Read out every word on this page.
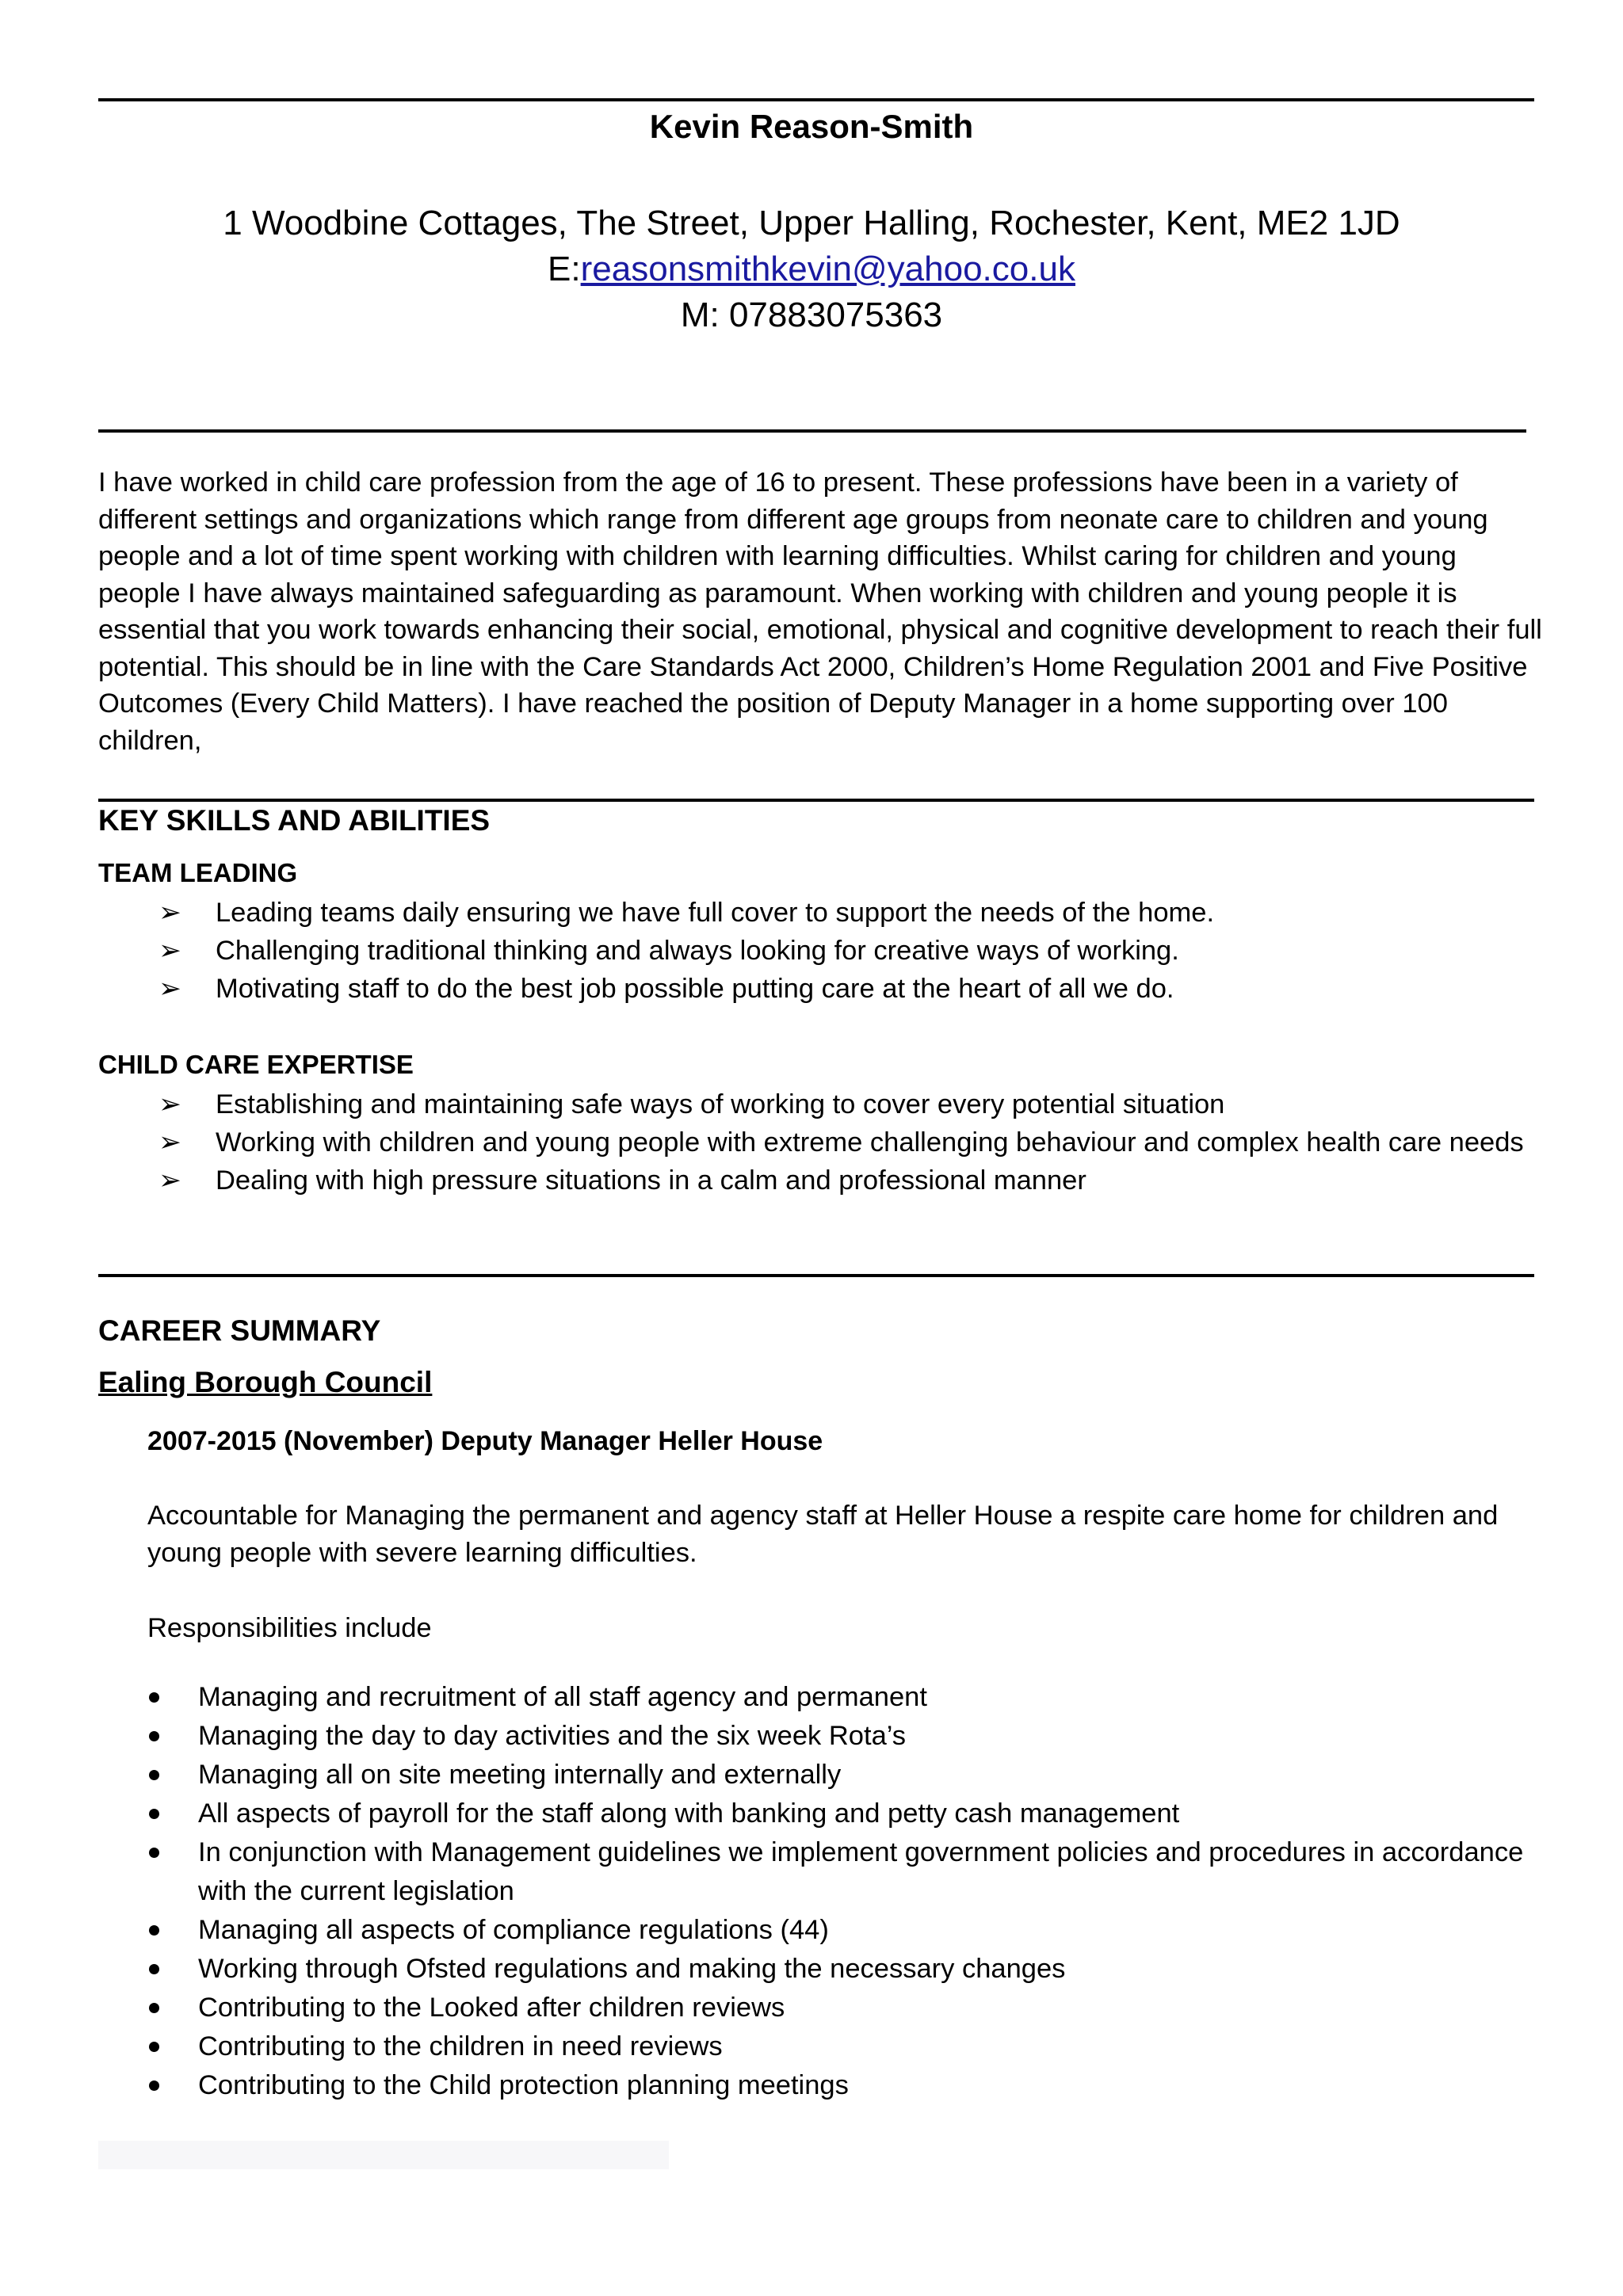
Kevin Reason-Smith
1 Woodbine Cottages, The Street, Upper Halling, Rochester, Kent, ME2 1JD
E:reasonsmithkevin@yahoo.co.uk
M: 07883075363

I have worked in child care profession from the age of 16 to present. These professions have been in a variety of different settings and organizations which range from different age groups from neonate care to children and young people and a lot of time spent working with children with learning difficulties. Whilst caring for children and young people I have always maintained safeguarding as paramount. When working with children and young people it is essential that you work towards enhancing their social, emotional, physical and cognitive development to reach their full potential. This should be in line with the Care Standards Act 2000, Children’s Home Regulation 2001 and Five Positive Outcomes (Every Child Matters). I have reached the position of Deputy Manager in a home supporting over 100 children,

KEY SKILLS AND ABILITIES
TEAM LEADING
➢	Leading teams daily ensuring we have full cover to support the needs of the home.
➢	Challenging traditional thinking and always looking for creative ways of working.
➢	Motivating staff to do the best job possible putting care at the heart of all we do.
CHILD CARE EXPERTISE
➢	Establishing and maintaining safe ways of working to cover every potential situation
➢	Working with children and young people with extreme challenging behaviour and complex health care needs
➢	Dealing with high pressure situations in a calm and professional manner
CAREER SUMMARY
Ealing Borough Council
2007-2015 (November) Deputy Manager Heller House

Accountable for Managing the permanent and agency staff at Heller House a respite care home for children and young people with severe learning difficulties.

Responsibilities include

Managing and recruitment of all staff agency and permanent
Managing the day to day activities and the six week Rota’s
Managing all on site meeting internally and externally
All aspects of payroll for the staff along with banking and petty cash management
In conjunction with Management guidelines we implement government policies and procedures in accordance with the current legislation
Managing all aspects of compliance regulations (44)
Working through Ofsted regulations and making the necessary changes
Contributing to the Looked after children reviews
Contributing to the children in need reviews
Contributing to the Child protection planning meetings
